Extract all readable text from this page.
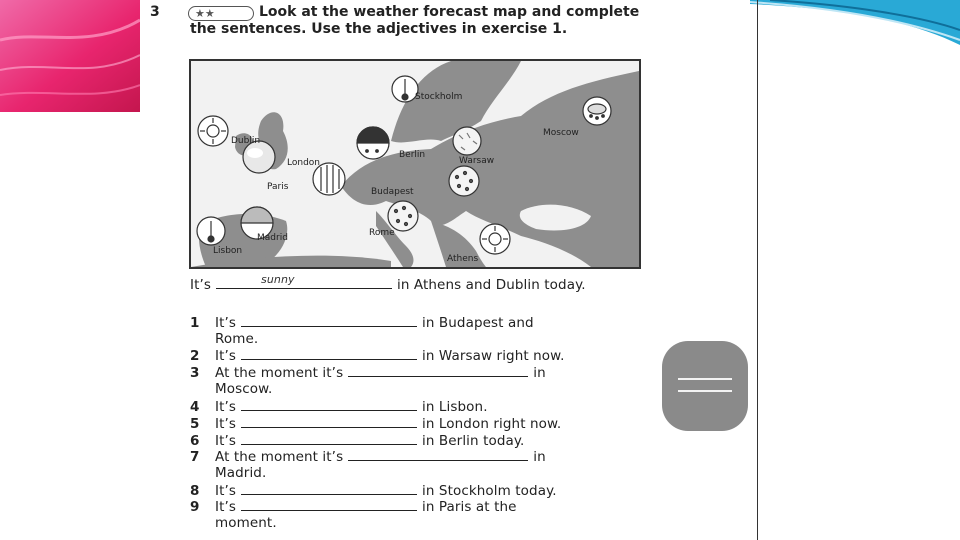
3	★★	Look at the weather forecast map and complete the sentences. Use the adjectives in exercise 1.
Stockholm
Moscow
Dublin
Berlin
Warsaw
London
Paris	Budapest
Madrid	Rome
Lisbon
Athens
It’s	sunny	in Athens and Dublin today.
1 It’s	in Budapest and
Rome.
2 It’s	in Warsaw right now.
3 At the moment it’s	in
Moscow.
4 It’s	in Lisbon.
5 It’s	in London right now.
6 It’s	in Berlin today.
7 At the moment it’s	in
Madrid.
8 It’s	in Stockholm today.
9 It’s	in Paris at the
moment.
